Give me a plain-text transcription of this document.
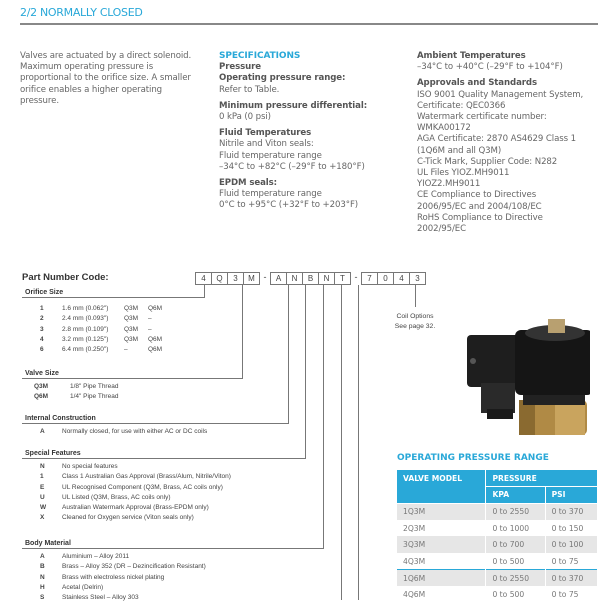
2/2 NORMALLY CLOSED
Valves are actuated by a direct solenoid. Maximum operating pressure is proportional to the orifice size. A smaller orifice enables a higher operating pressure.
SPECIFICATIONS
Pressure
Operating pressure range:

Refer to Table.

Minimum pressure differential:

0 kPa (0 psi)

Fluid Temperatures
Nitrile and Viton seals:
Fluid temperature range

–34°C to +82°C (–29°F to +180°F)

EPDM seals:
Fluid temperature range
0°C to +95°C (+32°F to +203°F)
Ambient Temperatures

–34°C to +40°C (–29°F to +104°F)

Approvals and Standards
ISO 9001 Quality Management System,
Certificate: QEC0366
Watermark certificate number:
WMKA00172
AGA Certificate: 2870 AS4629 Class 1
(1Q6M and all Q3M)
C-Tick Mark, Supplier Code: N282
UL Files YIOZ.MH9011
YIOZ2.MH9011
CE Compliance to Directives
2006/95/EC and 2004/108/EC
RoHS Compliance to Directive
2002/95/EC
Part Number Code:	4	Q	3	M -	A	N	B	N	T	-	7	0	4	3
Coil Options
See page 32.
Orifice Size
1	1.6 mm (0.062")	Q3M	Q6M
2	2.4 mm (0.093")	Q3M	–
3	2.8 mm (0.109")	Q3M	–
4	3.2 mm (0.125")	Q3M	Q6M
6	6.4 mm (0.250")	–	Q6M
Valve Size
Q3M	1/8" Pipe Thread
Q6M	1/4" Pipe Thread
Internal Construction
A	Normally closed, for use with either AC or DC coils
Special Features
N	No special features
1	Class 1 Australian Gas Approval (Brass/Alum, Nitrile/Viton)
E	UL Recognised Component (Q3M, Brass, AC coils only)
U	UL Listed (Q3M, Brass, AC coils only)
W	Australian Watermark Approval (Brass-EPDM only)
X	Cleaned for Oxygen service (Viton seals only)
Body Material
A	Aluminium – Alloy 2011
B	Brass – Alloy 352 (DR – Dezincification Resistant)
N	Brass with electroless nickel plating
H	Acetal (Delrin)
S	Stainless Steel – Alloy 303
OPERATING PRESSURE RANGE
VALVE MODEL	PRESSURE	
	KPA	PSI
1Q3M	0 to 2550	0 to 370
2Q3M	0 to 1000	0 to 150
3Q3M	0 to 700	0 to 100
4Q3M	0 to 500	0 to 75
1Q6M	0 to 2550	0 to 370
4Q6M	0 to 500	0 to 75
